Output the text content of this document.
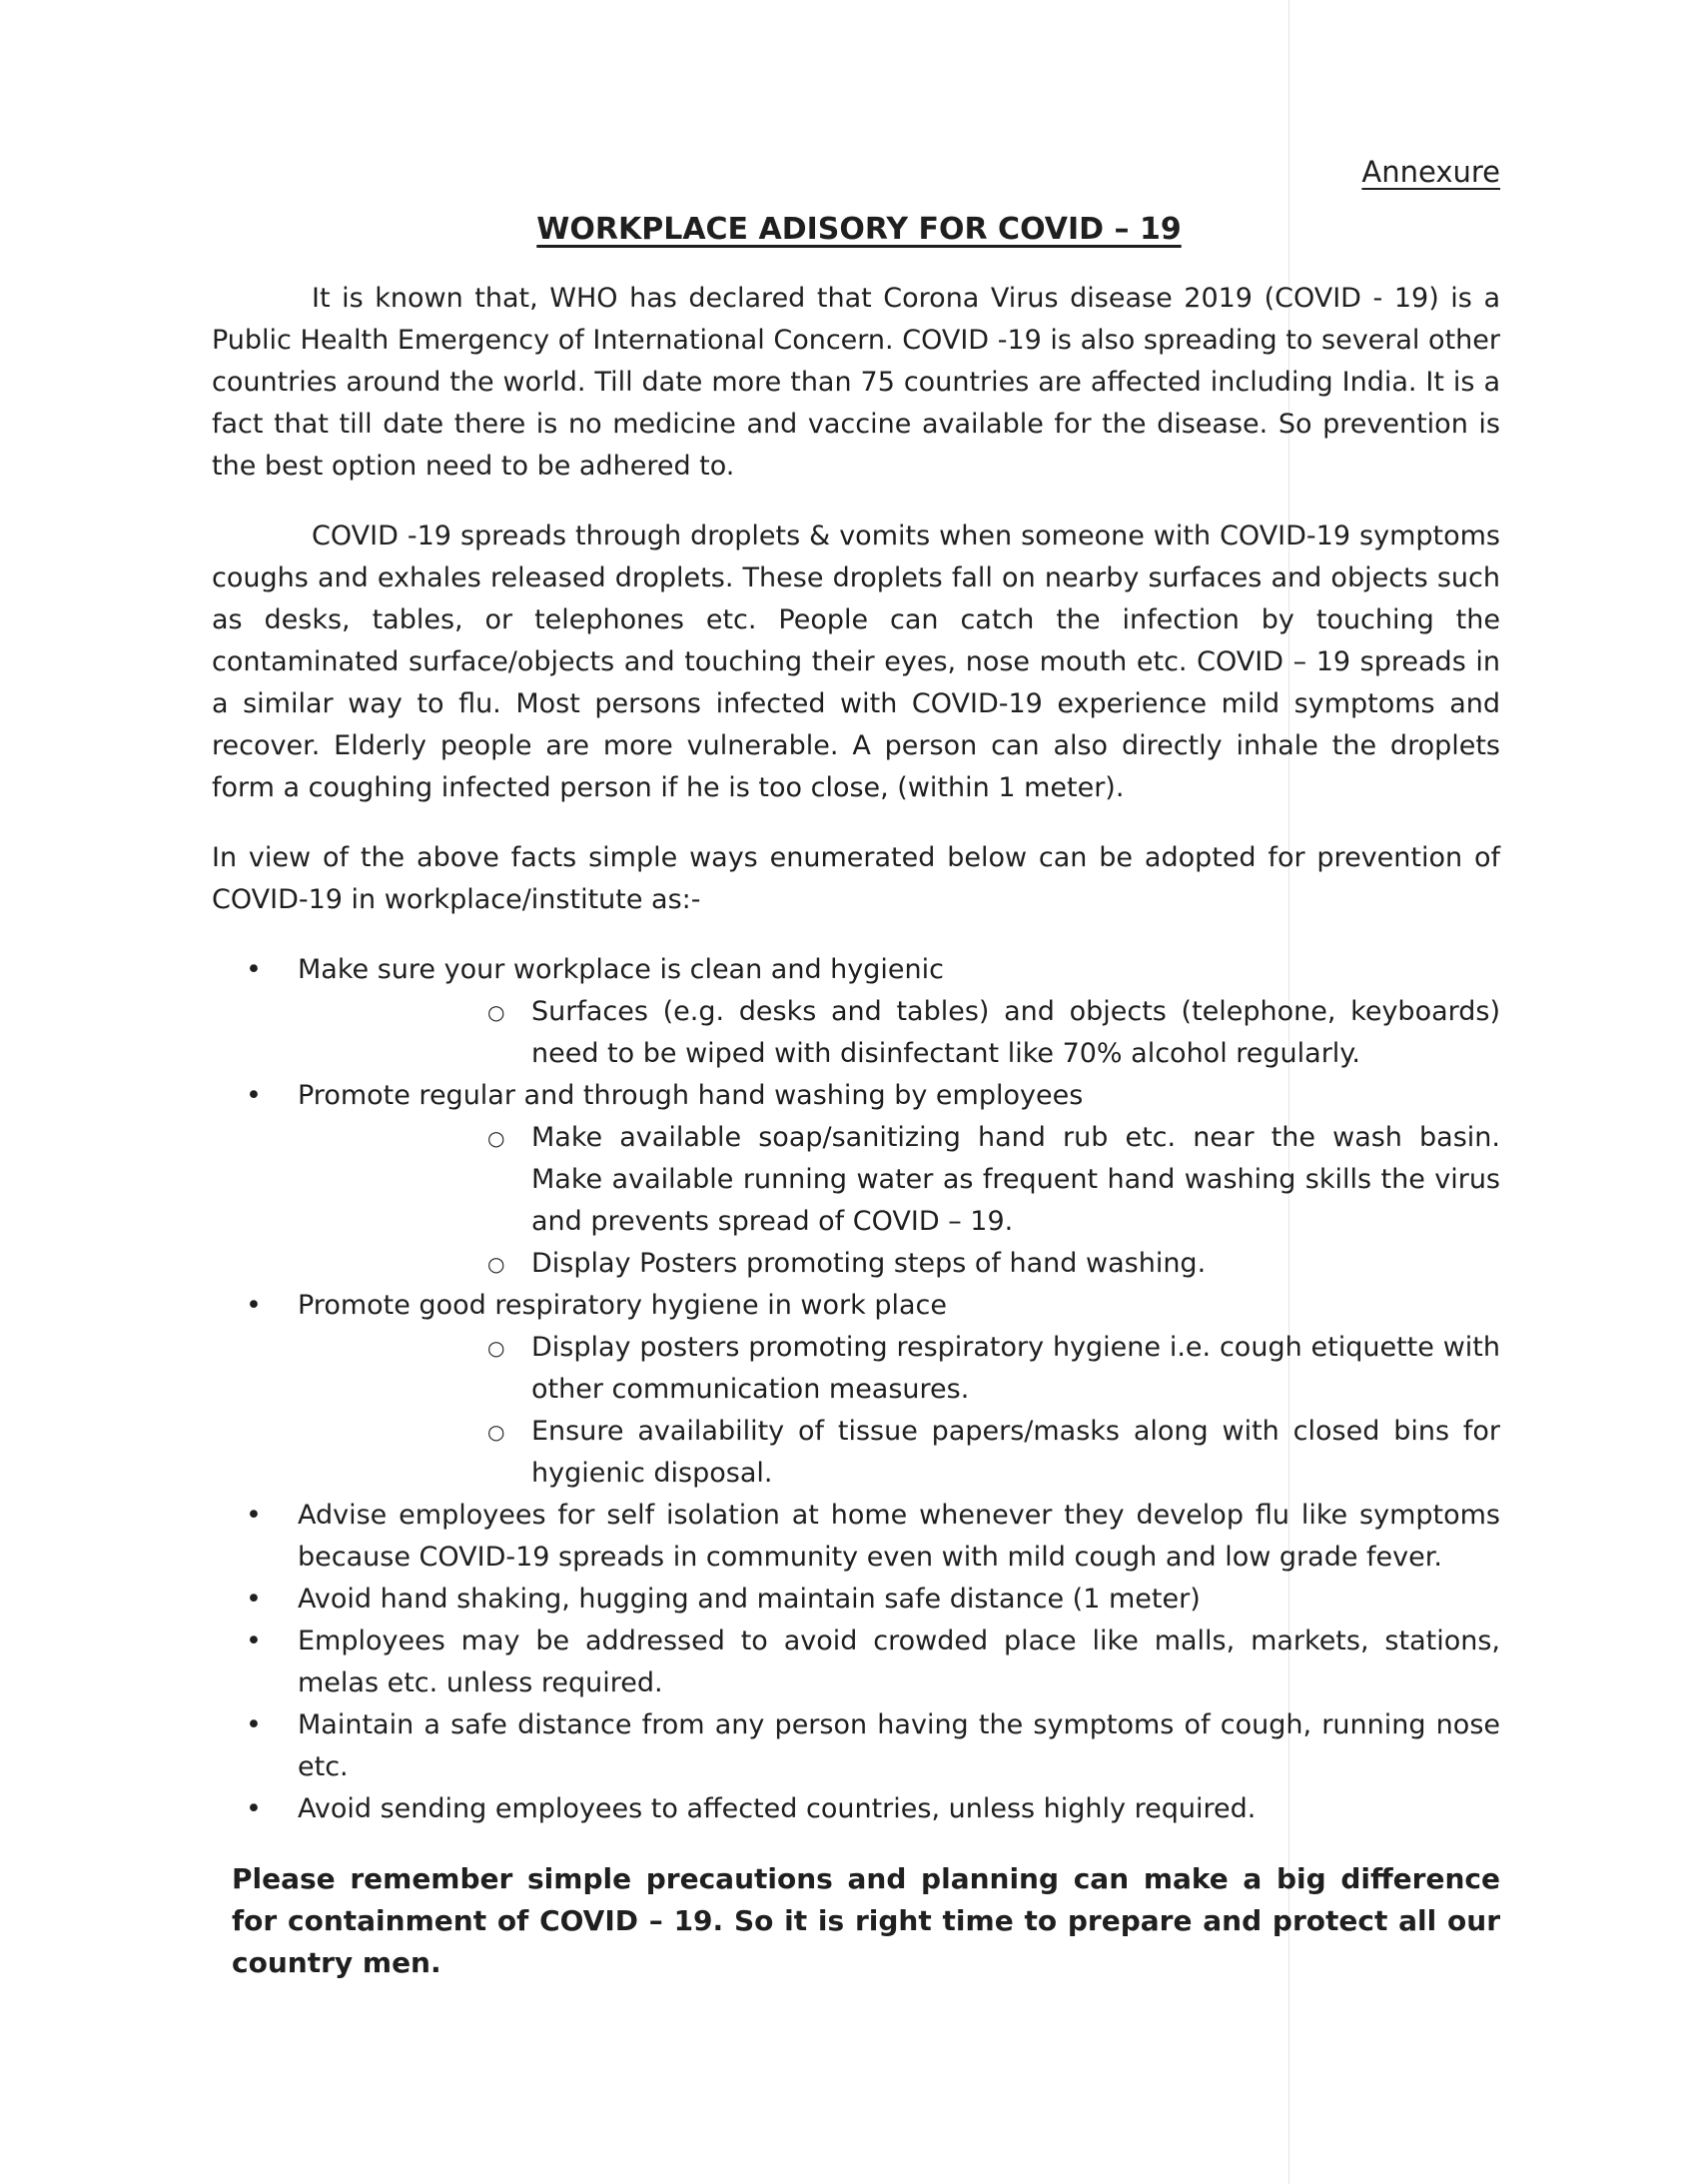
Annexure
WORKPLACE ADISORY FOR COVID – 19

It is known that, WHO has declared that Corona Virus disease 2019 (COVID - 19) is a Public Health Emergency of International Concern. COVID -19 is also spreading to several other countries around the world. Till date more than 75 countries are affected including India. It is a fact that till date there is no medicine and vaccine available for the disease. So prevention is the best option need to be adhered to.

COVID -19 spreads through droplets & vomits when someone with COVID-19 symptoms coughs and exhales released droplets. These droplets fall on nearby surfaces and objects such as desks, tables, or telephones etc. People can catch the infection by touching the contaminated surface/objects and touching their eyes, nose mouth etc. COVID – 19 spreads in a similar way to flu. Most persons infected with COVID-19 experience mild symptoms and recover. Elderly people are more vulnerable. A person can also directly inhale the droplets form a coughing infected person if he is too close, (within 1 meter).

In view of the above facts simple ways enumerated below can be adopted for prevention of COVID-19 in workplace/institute as:-

• Make sure your workplace is clean and hygienic
○ Surfaces (e.g. desks and tables) and objects (telephone, keyboards) need to be wiped with disinfectant like 70% alcohol regularly.
• Promote regular and through hand washing by employees
○ Make available soap/sanitizing hand rub etc. near the wash basin. Make available running water as frequent hand washing skills the virus and prevents spread of COVID – 19.
○ Display Posters promoting steps of hand washing.
• Promote good respiratory hygiene in work place
○ Display posters promoting respiratory hygiene i.e. cough etiquette with other communication measures.
○ Ensure availability of tissue papers/masks along with closed bins for hygienic disposal.
• Advise employees for self isolation at home whenever they develop flu like symptoms because COVID-19 spreads in community even with mild cough and low grade fever.
• Avoid hand shaking, hugging and maintain safe distance (1 meter)
• Employees may be addressed to avoid crowded place like malls, markets, stations, melas etc. unless required.
• Maintain a safe distance from any person having the symptoms of cough, running nose etc.
• Avoid sending employees to affected countries, unless highly required.

Please remember simple precautions and planning can make a big difference for containment of COVID – 19. So it is right time to prepare and protect all our country men.
